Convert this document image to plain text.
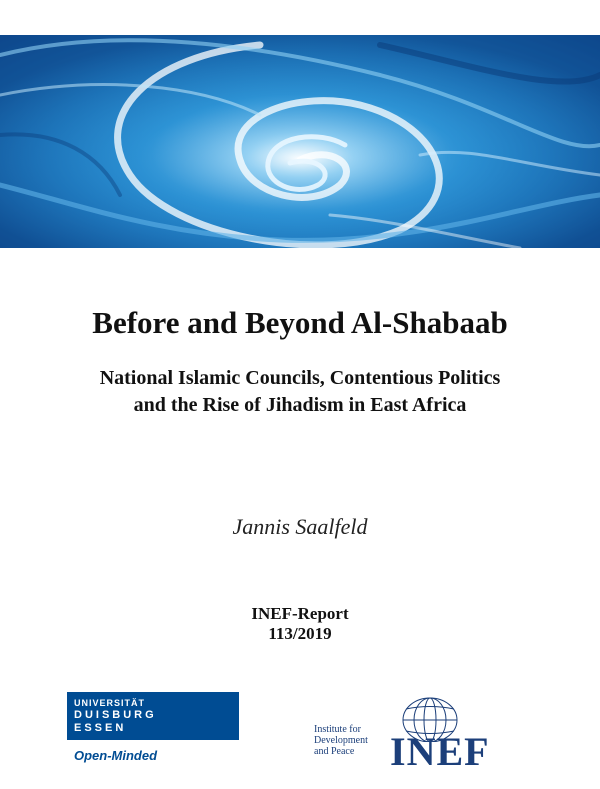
Before and Beyond Al-Shabaab
National Islamic Councils, Contentious Politics
and the Rise of Jihadism in East Africa
Jannis Saalfeld
INEF-Report
113/2019
UNIVERSITÄT
DUISBURG
ESSEN
Open-Minded
Institute for
Development
and Peace INEF
